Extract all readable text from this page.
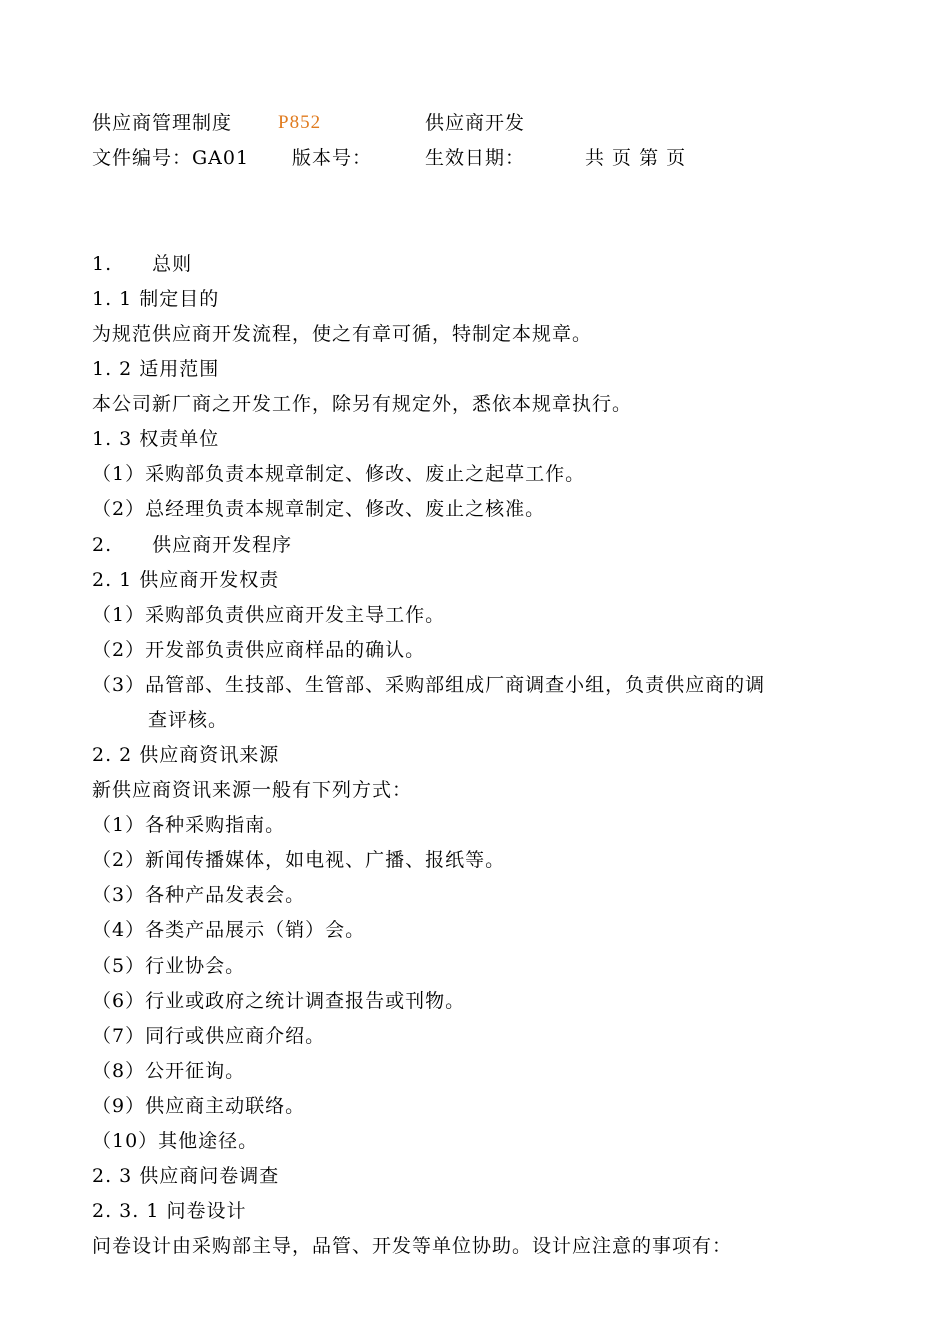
供应商管理制度 P852	供应商开发
文件编号：GA01 版本号：	生效日期：	共 页 第 页
1.　　总则
1. 1 制定目的
为规范供应商开发流程，使之有章可循，特制定本规章。
1. 2 适用范围
本公司新厂商之开发工作，除另有规定外，悉依本规章执行。
1. 3 权责单位
（1）采购部负责本规章制定、修改、废止之起草工作。
（2）总经理负责本规章制定、修改、废止之核准。
2.　　供应商开发程序
2. 1 供应商开发权责
（1）采购部负责供应商开发主导工作。
（2）开发部负责供应商样品的确认。
（3）品管部、生技部、生管部、采购部组成厂商调查小组，负责供应商的调
查评核。
2. 2 供应商资讯来源
新供应商资讯来源一般有下列方式：
（1）各种采购指南。
（2）新闻传播媒体，如电视、广播、报纸等。
（3）各种产品发表会。
（4）各类产品展示（销）会。
（5）行业协会。
（6）行业或政府之统计调查报告或刊物。
（7）同行或供应商介绍。
（8）公开征询。
（9）供应商主动联络。
（10）其他途径。
2. 3 供应商问卷调查
2. 3. 1 问卷设计
问卷设计由采购部主导，品管、开发等单位协助。设计应注意的事项有：
